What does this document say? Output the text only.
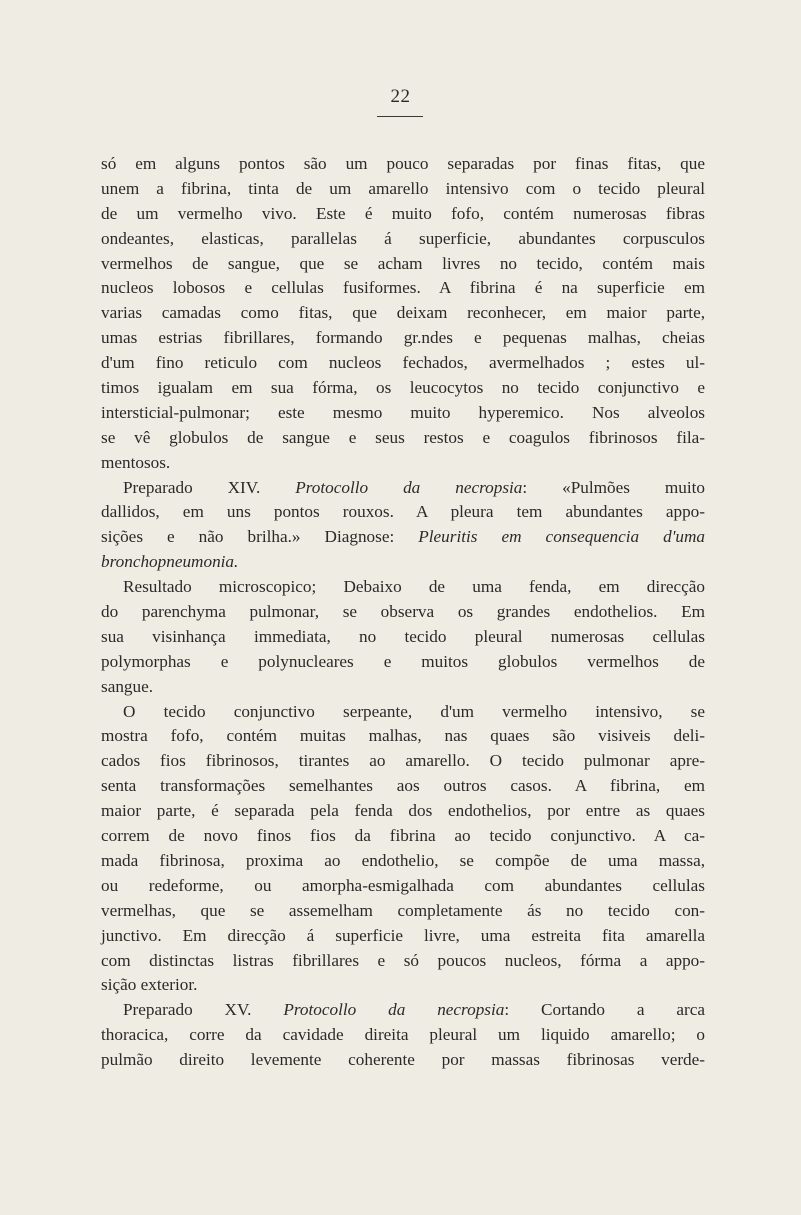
22
só em alguns pontos são um pouco separadas por finas fitas, que
unem a fibrina, tinta de um amarello intensivo com o tecido pleural
de um vermelho vivo. Este é muito fofo, contém numerosas fibras
ondeantes, elasticas, parallelas á superficie, abundantes corpusculos
vermelhos de sangue, que se acham livres no tecido, contém mais
nucleos lobosos e cellulas fusiformes. A fibrina é na superficie em
varias camadas como fitas, que deixam reconhecer, em maior parte,
umas estrias fibrillares, formando gr.ndes e pequenas malhas, cheias
d'um fino reticulo com nucleos fechados, avermelhados ; estes ul-
timos igualam em sua fórma, os leucocytos no tecido conjunctivo e
intersticial-pulmonar; este mesmo muito hyperemico. Nos alveolos
se vê globulos de sangue e seus restos e coagulos fibrinosos fila-
mentosos.
Preparado XIV. Protocollo da necropsia: «Pulmões muito
dallidos, em uns pontos rouxos. A pleura tem abundantes appo-
sições e não brilha.» Diagnose: Pleuritis em consequencia d'uma
bronchopneumonia.
Resultado microscopico; Debaixo de uma fenda, em direcção
do parenchyma pulmonar, se observa os grandes endothelios. Em
sua visinhança immediata, no tecido pleural numerosas cellulas
polymorphas e polynucleares e muitos globulos vermelhos de
sangue.
O tecido conjunctivo serpeante, d'um vermelho intensivo, se
mostra fofo, contém muitas malhas, nas quaes são visiveis deli-
cados fios fibrinosos, tirantes ao amarello. O tecido pulmonar apre-
senta transformações semelhantes aos outros casos. A fibrina, em
maior parte, é separada pela fenda dos endothelios, por entre as quaes
correm de novo finos fios da fibrina ao tecido conjunctivo. A ca-
mada fibrinosa, proxima ao endothelio, se compõe de uma massa,
ou redeforme, ou amorpha-esmigalhada com abundantes cellulas
vermelhas, que se assemelham completamente ás no tecido con-
junctivo. Em direcção á superficie livre, uma estreita fita amarella
com distinctas listras fibrillares e só poucos nucleos, fórma a appo-
sição exterior.
Preparado XV. Protocollo da necropsia: Cortando a arca
thoracica, corre da cavidade direita pleural um liquido amarello; o
pulmão direito levemente coherente por massas fibrinosas verde-
